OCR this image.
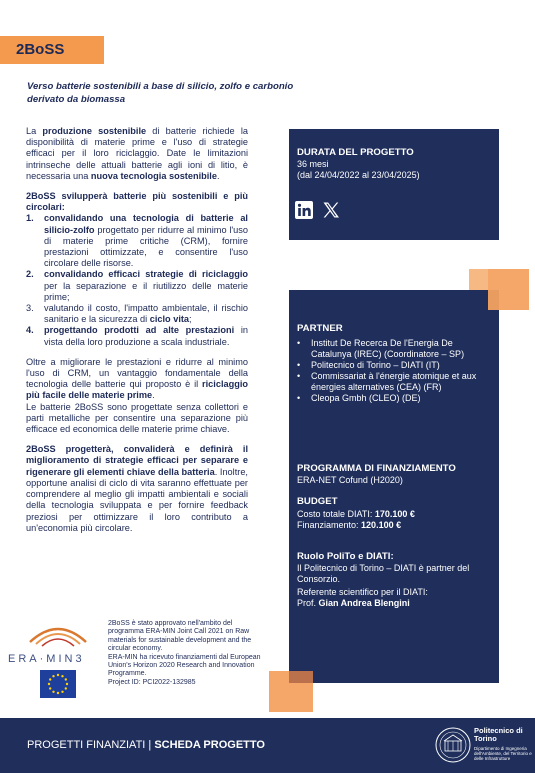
2BoSS
Verso batterie sostenibili a base di silicio, zolfo e carbonio derivato da biomassa

La produzione sostenibile di batterie richiede la disponibilità di materie prime e l'uso di strategie efficaci per il loro riciclaggio. Date le limitazioni intrinseche delle attuali batterie agli ioni di litio, è necessaria una nuova tecnologia sostenibile.

2BoSS svilupperà batterie più sostenibili e più circolari:

1.	convalidando una tecnologia di batterie al silicio-zolfo progettato per ridurre al minimo l'uso di materie prime critiche (CRM), fornire prestazioni ottimizzate, e consentire l'uso circolare delle risorse.
2.	convalidando efficaci strategie di riciclaggio per la separazione e il riutilizzo delle materie prime;
3.	valutando il costo, l'impatto ambientale, il rischio sanitario e la sicurezza di ciclo vita;
4.	progettando prodotti ad alte prestazioni in vista della loro produzione a scala industriale.

Oltre a migliorare le prestazioni e ridurre al minimo l'uso di CRM, un vantaggio fondamentale della tecnologia delle batterie qui proposto è il riciclaggio più facile delle materie prime.

Le batterie 2BoSS sono progettate senza collettori e parti metalliche per consentire una separazione più efficace ed economica delle materie prime chiave.

2BoSS progetterà, convaliderà e definirà il miglioramento di strategie efficaci per separare e rigenerare gli elementi chiave della batteria. Inoltre, opportune analisi di ciclo di vita saranno effettuate per comprendere al meglio gli impatti ambientali e sociali della tecnologia sviluppata e per fornire feedback preziosi per ottimizzare il loro contributo a un'economia più circolare.

ERA·MIN3

2BoSS è stato approvato nell'ambito del programma ERA-MIN Joint Call 2021 on Raw materials for sustainable development and the circular economy.

ERA-MIN ha ricevuto finanziamenti dal European Union's Horizon 2020 Research and Innovation Programme.

Project ID: PCI2022-132985

DURATA DEL PROGETTO
36 mesi
(dal 24/04/2022 al 23/04/2025)
PARTNER
•	Institut De Recerca De l'Energia De Catalunya (IREC) (Coordinatore – SP)
•	Politecnico di Torino – DIATI (IT)
•	Commissariat à l'énergie atomique et aux énergies alternatives (CEA) (FR)
•	Cleopa Gmbh (CLEO) (DE)
PROGRAMMA DI FINANZIAMENTO
ERA-NET Cofund (H2020)
BUDGET
Costo totale DIATI: 170.100 €
Finanziamento: 120.100 €
Ruolo PoliTo e DIATI:
Il Politecnico di Torino – DIATI è partner del Consorzio.
Referente scientifico per il DIATI:
Prof. Gian Andrea Blengini
PROGETTI FINANZIATI | SCHEDA PROGETTO
Politecnico di Torino
Dipartimento di Ingegneria dell'Ambiente, del Territorio e delle Infrastrutture
